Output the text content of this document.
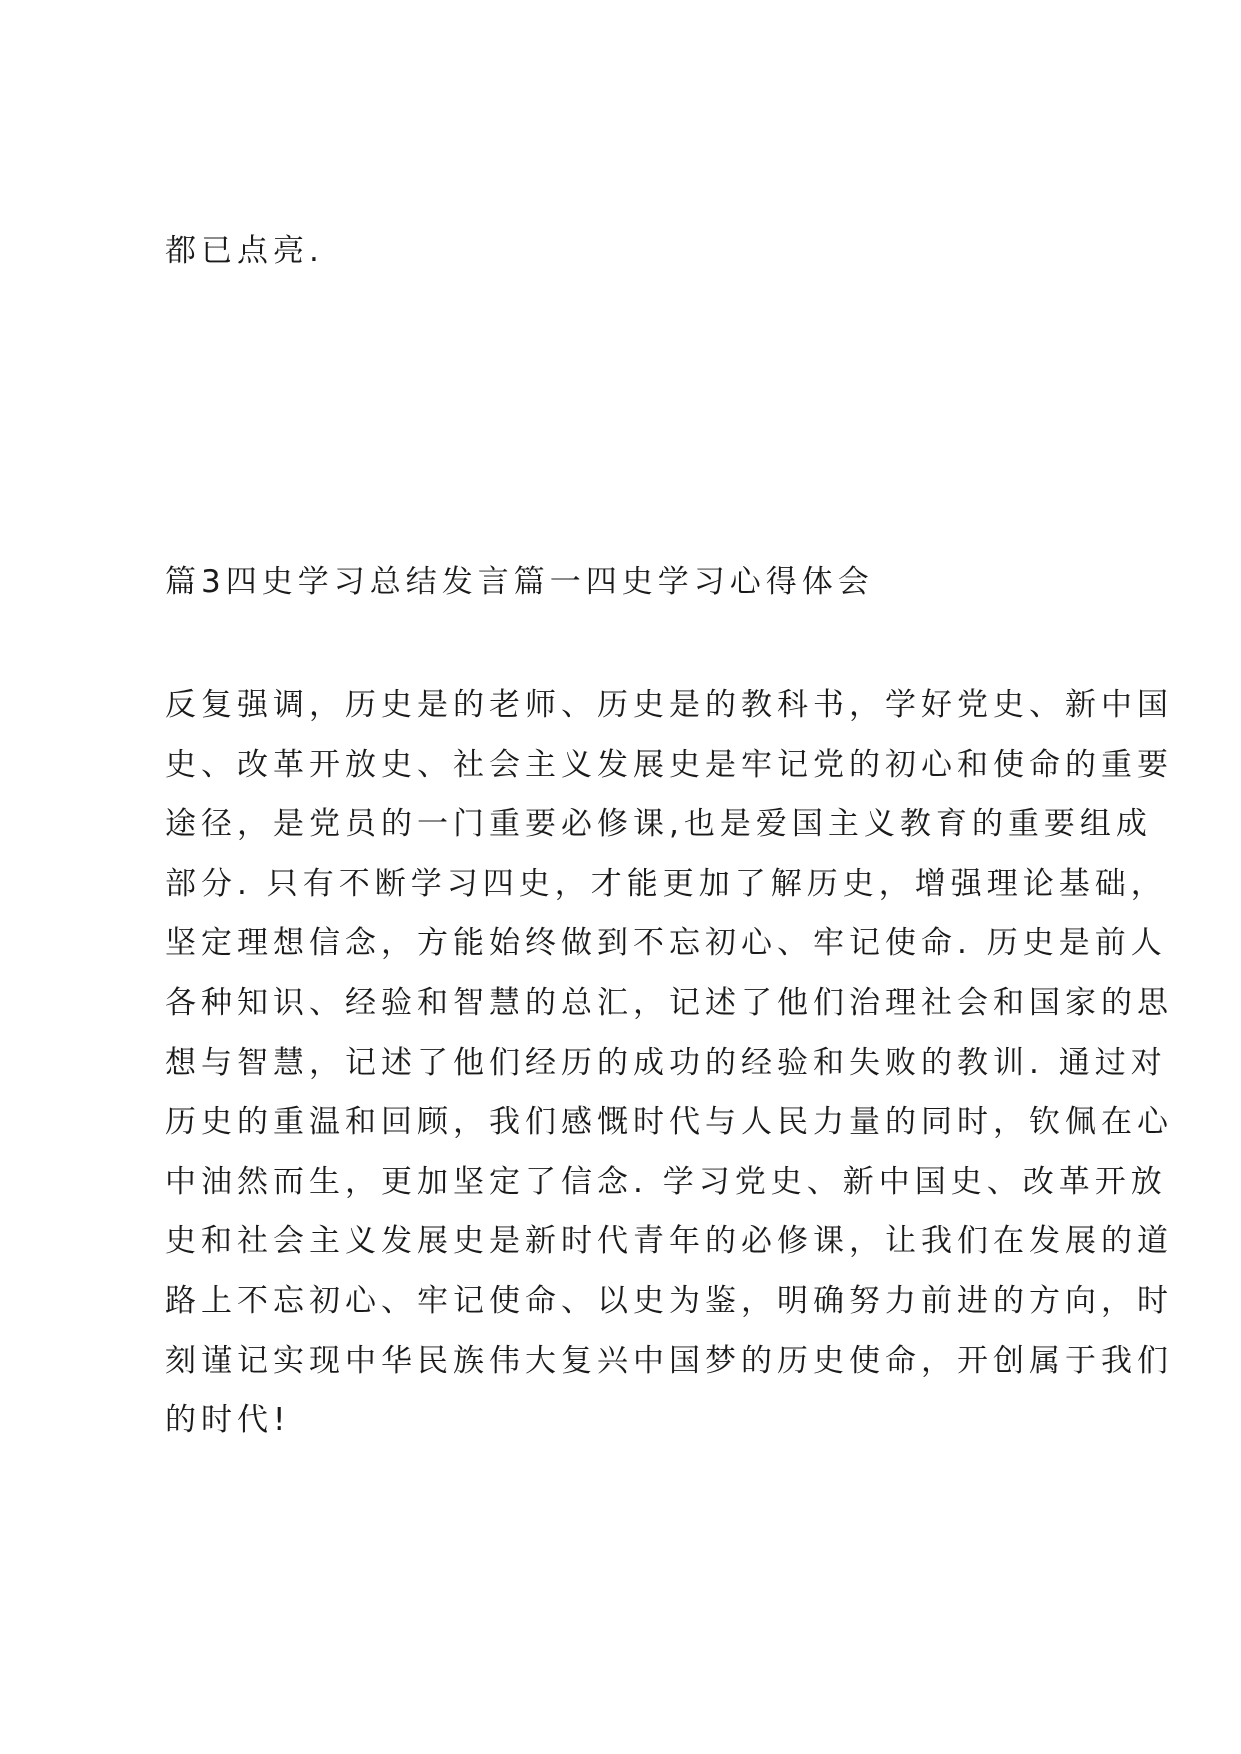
都已点亮.
篇3四史学习总结发言篇一四史学习心得体会
反复强调，历史是的老师、历史是的教科书，学好党史、新中国
史、改革开放史、社会主义发展史是牢记党的初心和使命的重要
途径，是党员的一门重要必修课,也是爱国主义教育的重要组成
部分. 只有不断学习四史，才能更加了解历史，增强理论基础，
坚定理想信念，方能始终做到不忘初心、牢记使命. 历史是前人
各种知识、经验和智慧的总汇，记述了他们治理社会和国家的思
想与智慧，记述了他们经历的成功的经验和失败的教训. 通过对
历史的重温和回顾，我们感慨时代与人民力量的同时，钦佩在心
中油然而生，更加坚定了信念. 学习党史、新中国史、改革开放
史和社会主义发展史是新时代青年的必修课，让我们在发展的道
路上不忘初心、牢记使命、以史为鉴，明确努力前进的方向，时
刻谨记实现中华民族伟大复兴中国梦的历史使命，开创属于我们
的时代!
